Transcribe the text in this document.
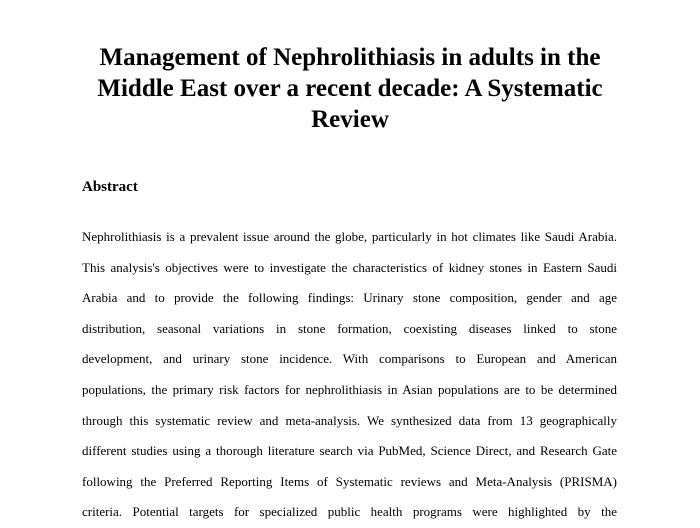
Management of Nephrolithiasis in adults in the Middle East over a recent decade: A Systematic Review
Abstract
Nephrolithiasis is a prevalent issue around the globe, particularly in hot climates like Saudi Arabia.
This analysis's objectives were to investigate the characteristics of kidney stones in Eastern Saudi
Arabia and to provide the following findings: Urinary stone composition, gender and age
distribution, seasonal variations in stone formation, coexisting diseases linked to stone
development, and urinary stone incidence. With comparisons to European and American
populations, the primary risk factors for nephrolithiasis in Asian populations are to be determined
through this systematic review and meta-analysis. We synthesized data from 13 geographically
different studies using a thorough literature search via PubMed, Science Direct, and Research Gate
following the Preferred Reporting Items of Systematic reviews and Meta-Analysis (PRISMA)
criteria. Potential targets for specialized public health programs were highlighted by the
